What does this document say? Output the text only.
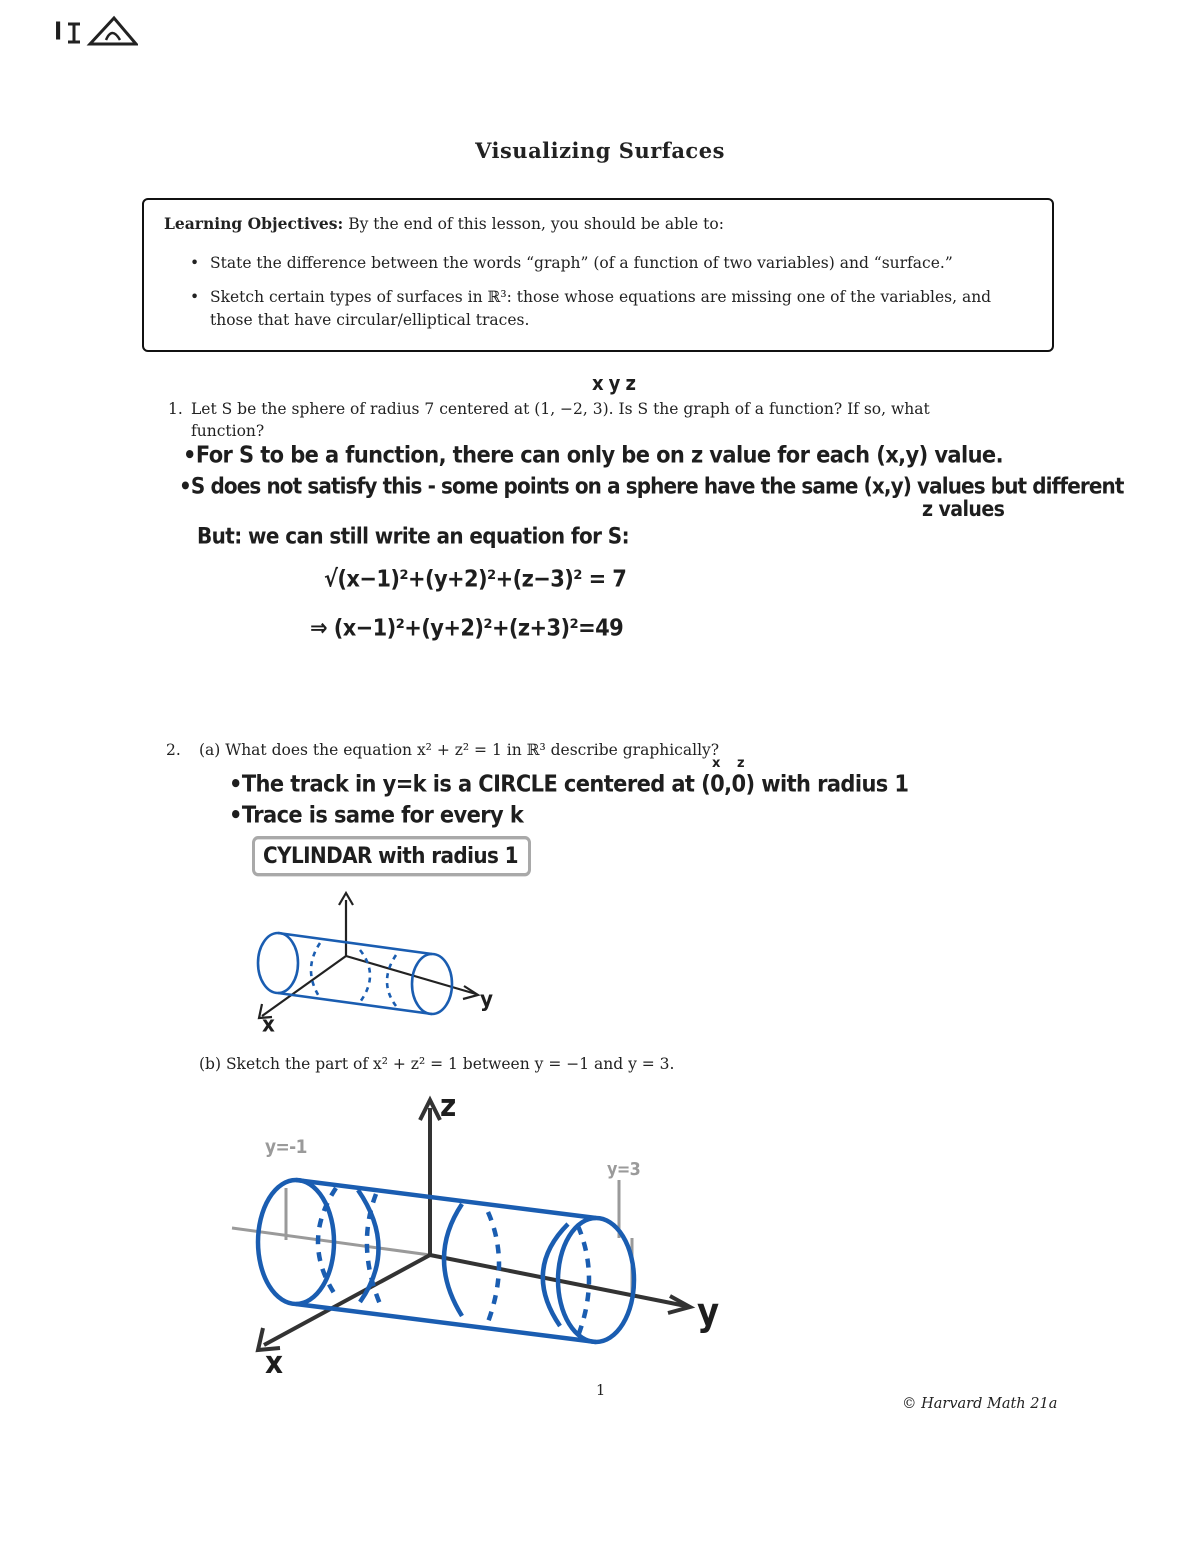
I
Visualizing Surfaces
Learning Objectives: By the end of this lesson, you should be able to:
• State the difference between the words “graph” (of a function of two variables) and “surface.”
• Sketch certain types of surfaces in ℝ³: those whose equations are missing one of the variables, and those that have circular/elliptical traces.
x y z
1. Let S be the sphere of radius 7 centered at (1, −2, 3). Is S the graph of a function? If so, what
function?
•For S to be a function, there can only be on z value for each (x,y) value.
•S does not satisfy this - some points on a sphere have the same (x,y) values but different
z values
But: we can still write an equation for S:
√(x−1)²+(y+2)²+(z−3)² = 7
⇒ (x−1)²+(y+2)²+(z+3)²=49
2. (a) What does the equation x² + z² = 1 in ℝ³ describe graphically?
•The track in y=k is a CIRCLE centered at (0,0) with radius 1
x z
•Trace is same for every k
CYLINDAR with radius 1
y
x
(b) Sketch the part of x² + z² = 1 between y = −1 and y = 3.
z
y
x
y=-1
y=3
1
© Harvard Math 21a
